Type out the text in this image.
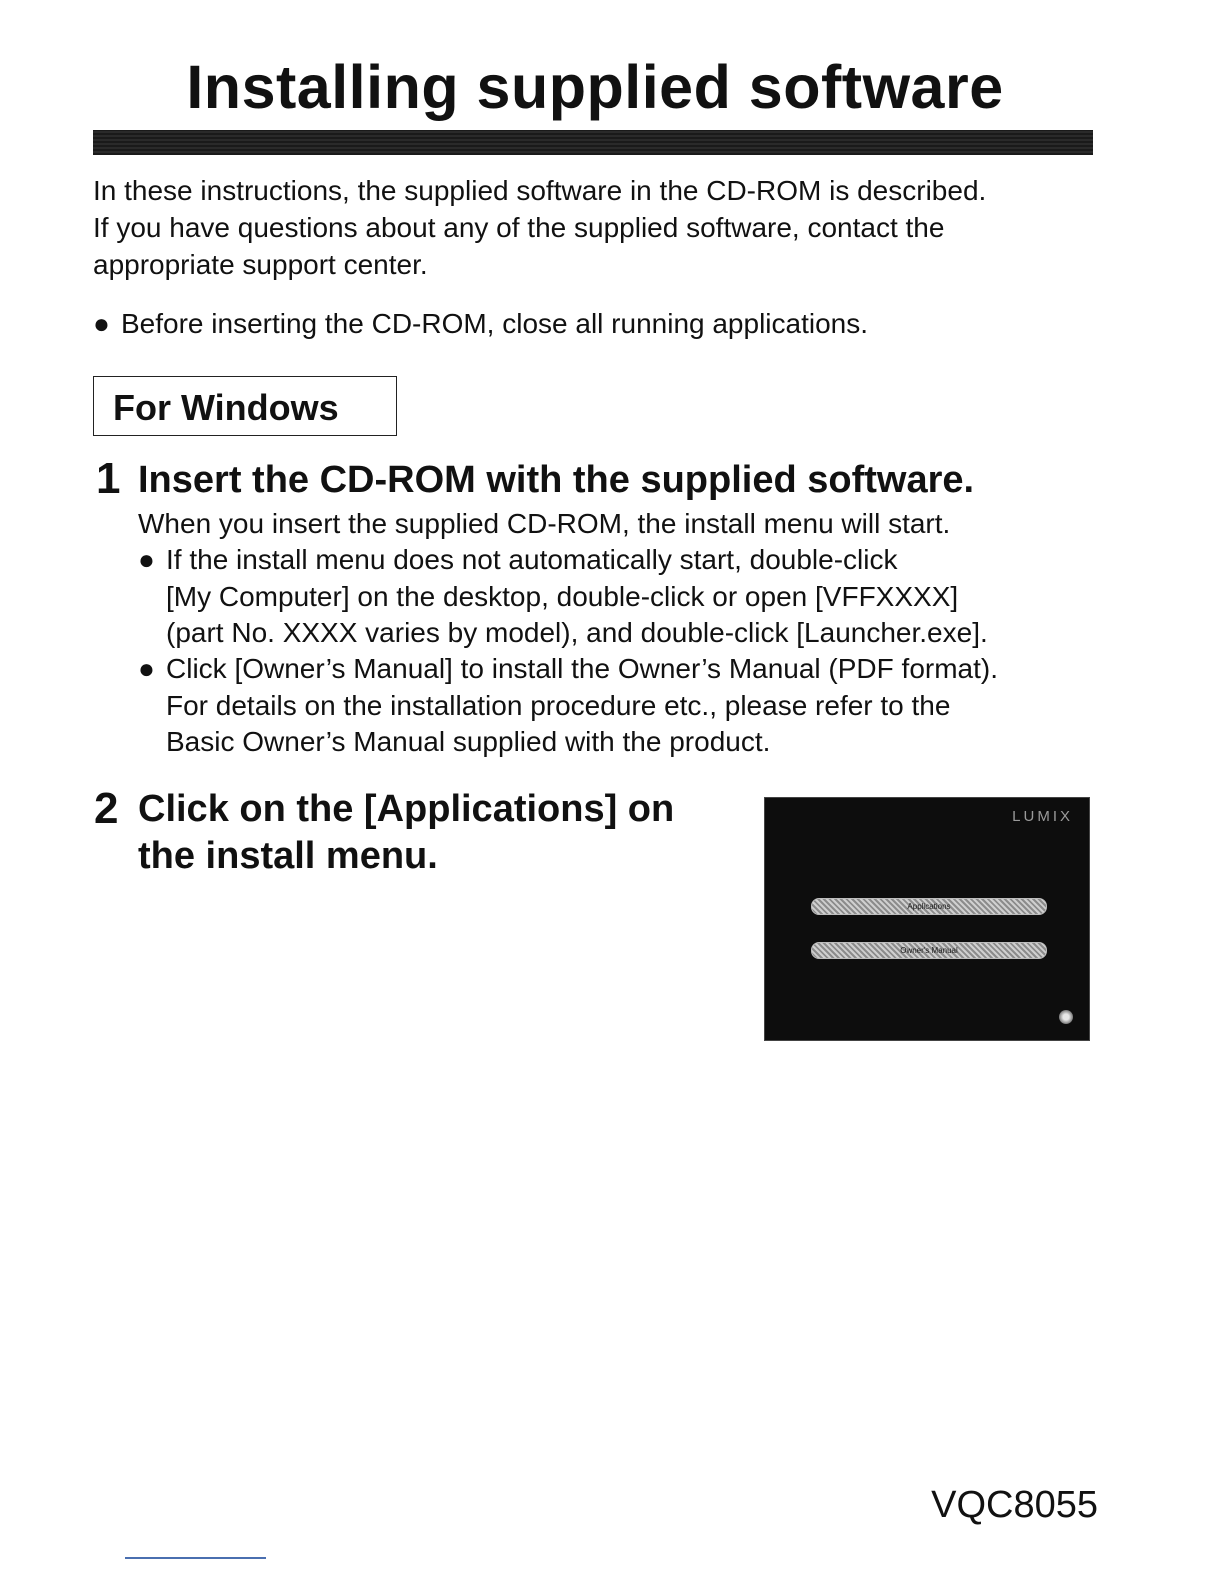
Installing supplied software
In these instructions, the supplied software in the CD-ROM is described.
If you have questions about any of the supplied software, contact the
appropriate support center.
● Before inserting the CD-ROM, close all running applications.
For Windows
1 Insert the CD-ROM with the supplied software.
When you insert the supplied CD-ROM, the install menu will start.
● If the install menu does not automatically start, double-click
[My Computer] on the desktop, double-click or open [VFFXXXX]
(part No. XXXX varies by model), and double-click [Launcher.exe].
● Click [Owner’s Manual] to install the Owner’s Manual (PDF format).
For details on the installation procedure etc., please refer to the
Basic Owner’s Manual supplied with the product.
2 Click on the [Applications] on
the install menu.
LUMIX
Applications
Owner's Manual
VQC8055
